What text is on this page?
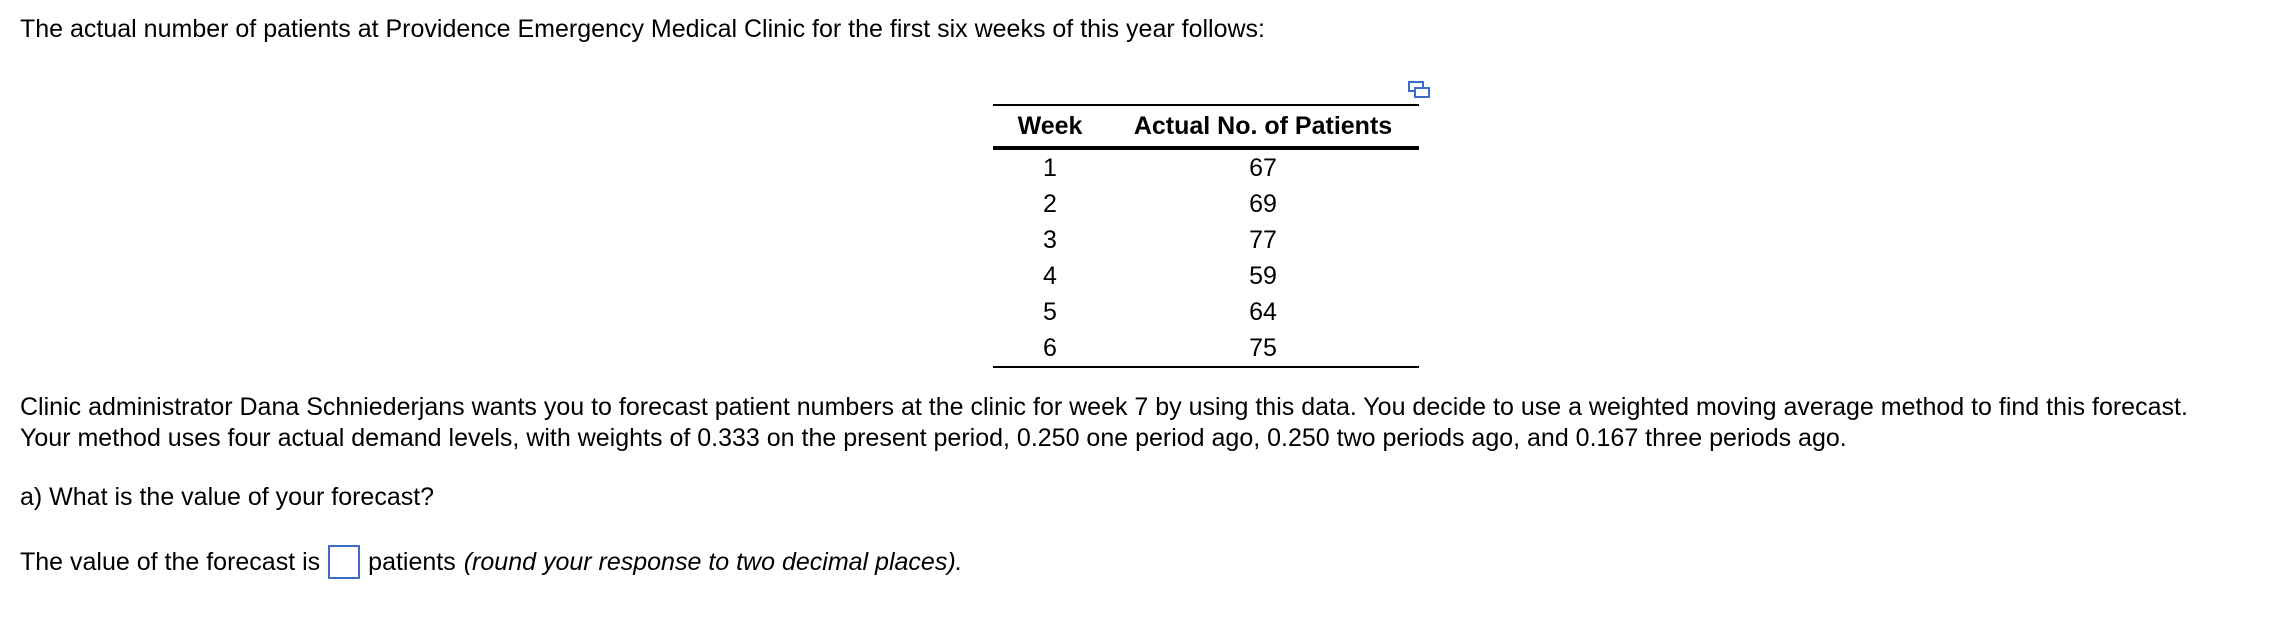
The actual number of patients at Providence Emergency Medical Clinic for the first six weeks of this year follows:
Week	Actual No. of Patients
1	67
2	69
3	77
4	59
5	64
6	75
Clinic administrator Dana Schniederjans wants you to forecast patient numbers at the clinic for week 7 by using this data. You decide to use a weighted moving average method to find this forecast.
Your method uses four actual demand levels, with weights of 0.333 on the present period, 0.250 one period ago, 0.250 two periods ago, and 0.167 three periods ago.
a) What is the value of your forecast?
The value of the forecast is patients (round your response to two decimal places).
